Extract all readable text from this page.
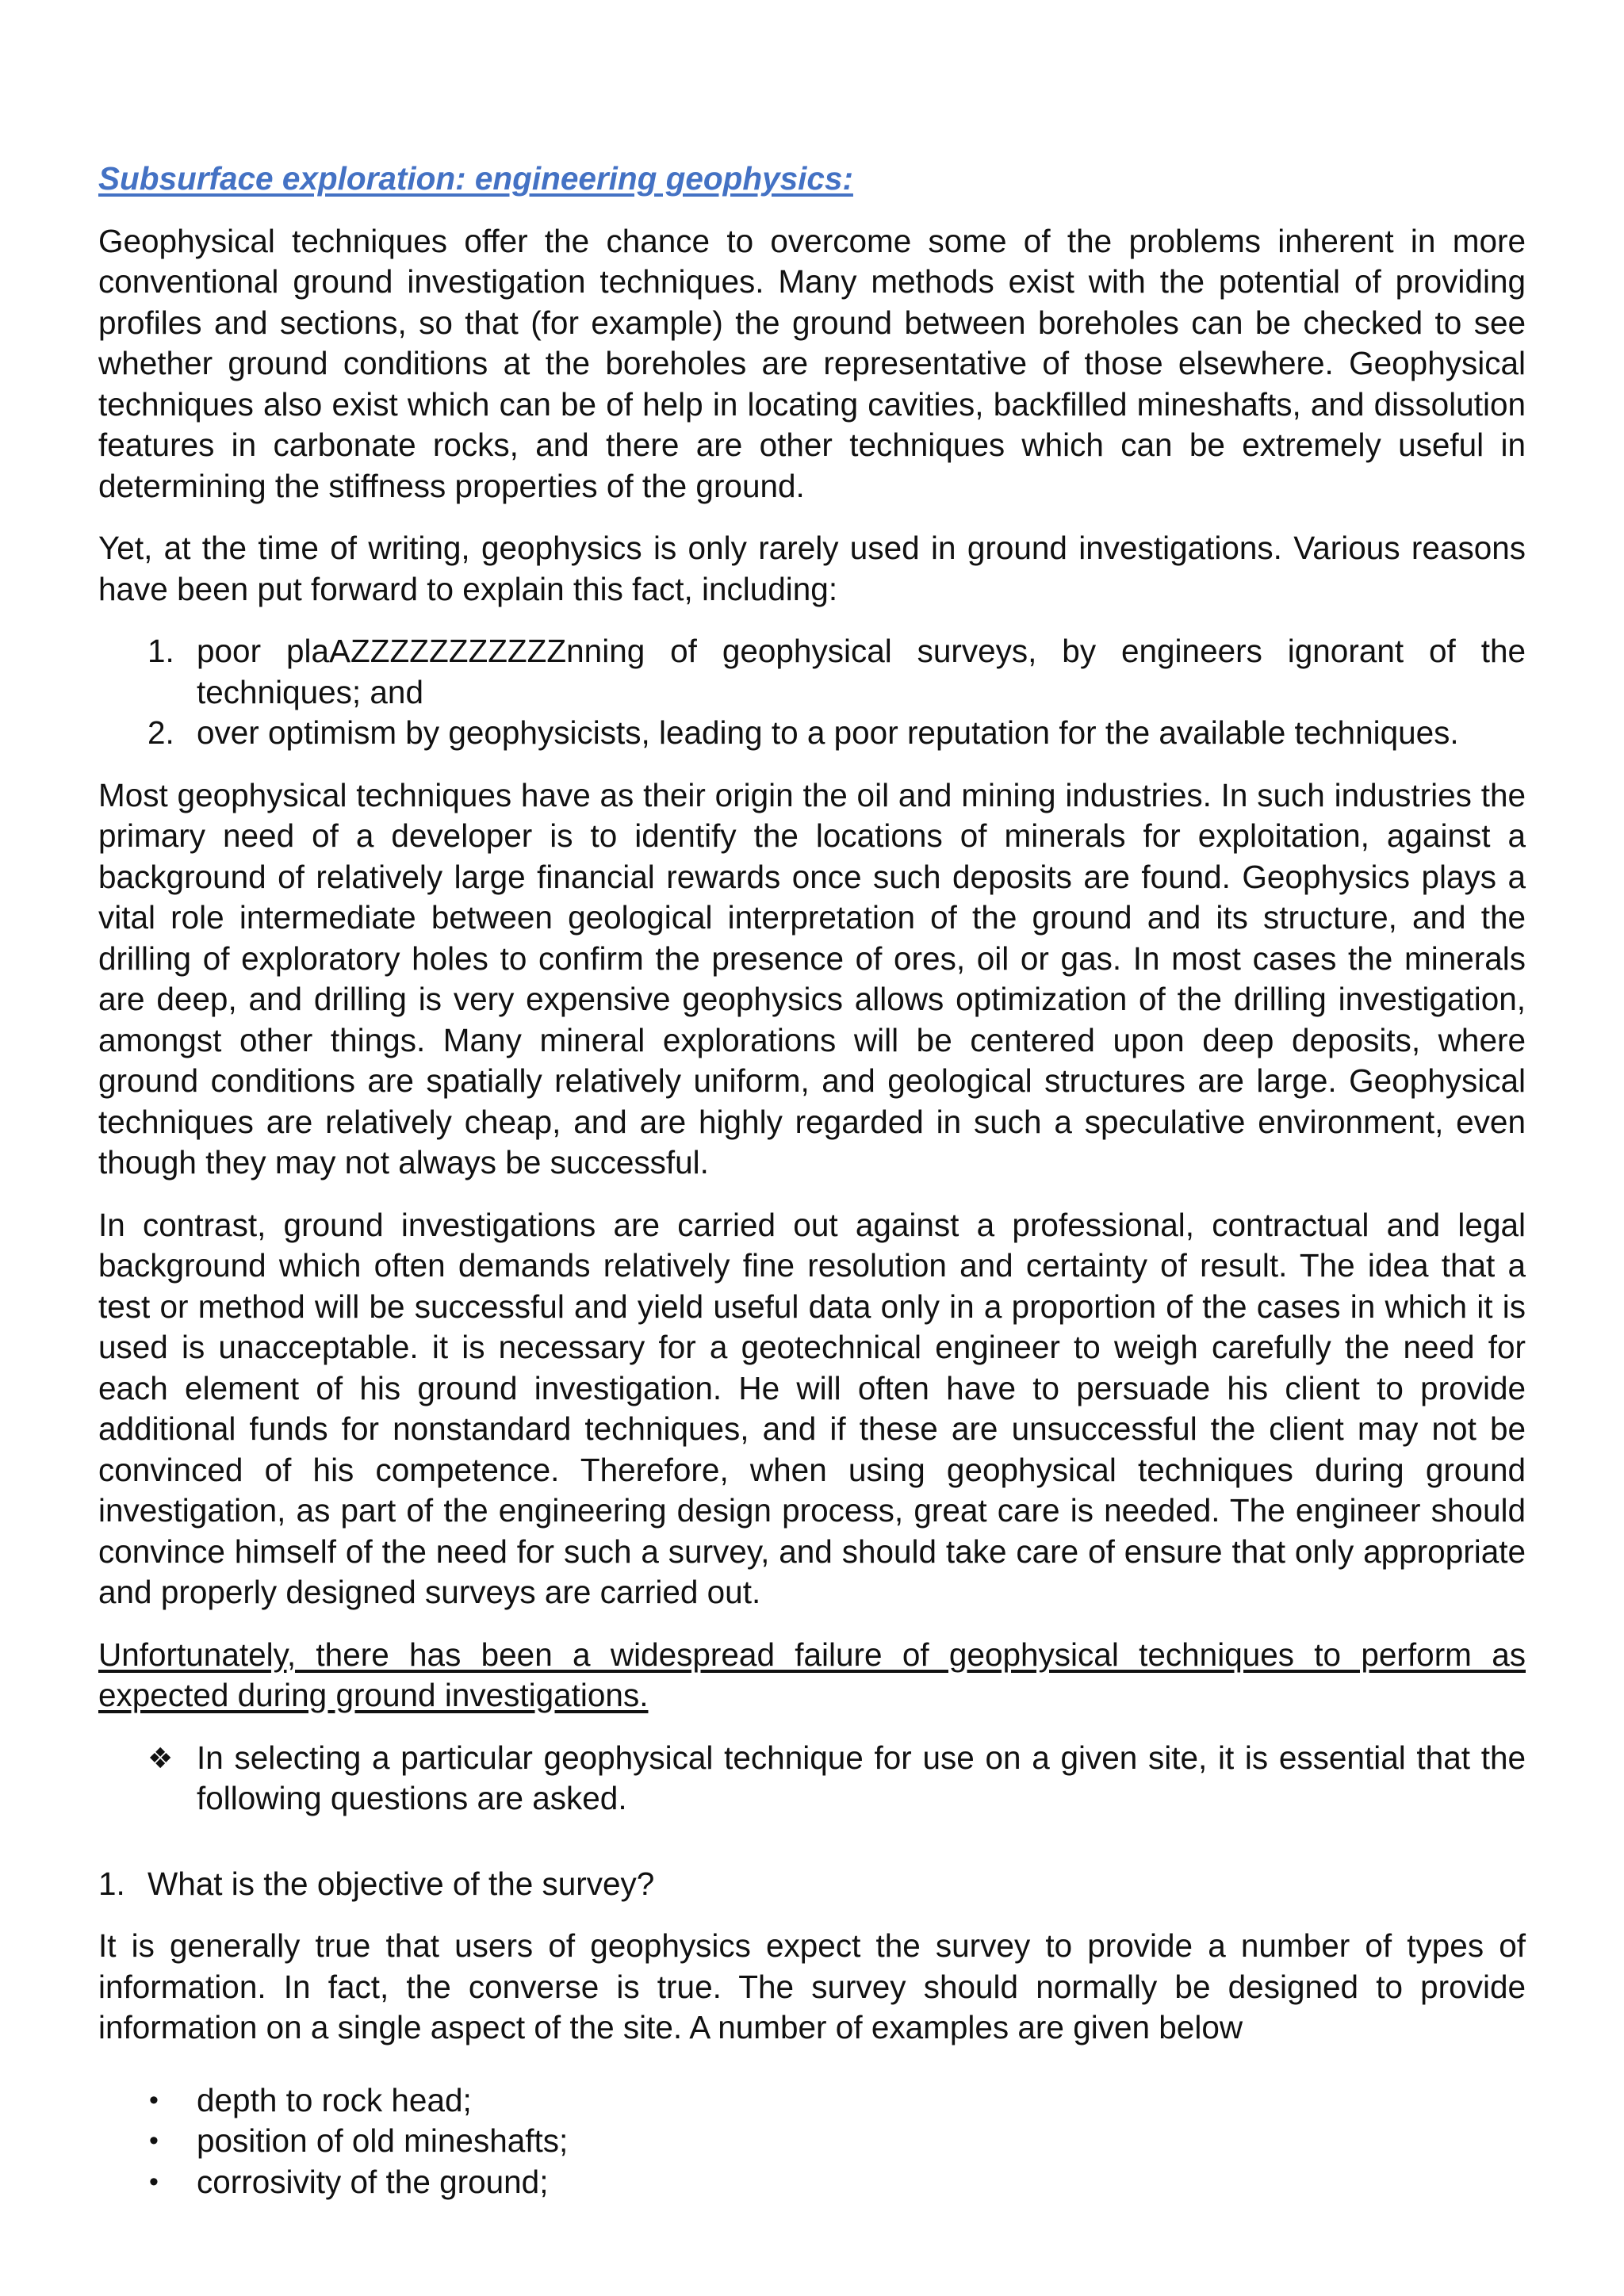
Subsurface exploration: engineering geophysics:

Geophysical techniques offer the chance to overcome some of the problems inherent in more conventional ground investigation techniques. Many methods exist with the potential of providing profiles and sections, so that (for example) the ground between boreholes can be checked to see whether ground conditions at the boreholes are representative of those elsewhere. Geophysical techniques also exist which can be of help in locating cavities, backfilled mineshafts, and dissolution features in carbonate rocks, and there are other techniques which can be extremely useful in determining the stiffness properties of the ground.

Yet, at the time of writing, geophysics is only rarely used in ground investigations. Various reasons have been put forward to explain this fact, including:

1. poor plaAZZZZZZZZZZZnning of geophysical surveys, by engineers ignorant of the techniques; and
2. over optimism by geophysicists, leading to a poor reputation for the available techniques.

Most geophysical techniques have as their origin the oil and mining industries. In such industries the primary need of a developer is to identify the locations of minerals for exploitation, against a background of relatively large financial rewards once such deposits are found. Geophysics plays a vital role intermediate between geological interpretation of the ground and its structure, and the drilling of exploratory holes to confirm the presence of ores, oil or gas. In most cases the minerals are deep, and drilling is very expensive geophysics allows optimization of the drilling investigation, amongst other things. Many mineral explorations will be centered upon deep deposits, where ground conditions are spatially relatively uniform, and geological structures are large. Geophysical techniques are relatively cheap, and are highly regarded in such a speculative environment, even though they may not always be successful.

In contrast, ground investigations are carried out against a professional, contractual and legal background which often demands relatively fine resolution and certainty of result. The idea that a test or method will be successful and yield useful data only in a proportion of the cases in which it is used is unacceptable. it is necessary for a geotechnical engineer to weigh carefully the need for each element of his ground investigation. He will often have to persuade his client to provide additional funds for nonstandard techniques, and if these are unsuccessful the client may not be convinced of his competence. Therefore, when using geophysical techniques during ground investigation, as part of the engineering design process, great care is needed. The engineer should convince himself of the need for such a survey, and should take care of ensure that only appropriate and properly designed surveys are carried out.

Unfortunately, there has been a widespread failure of geophysical techniques to perform as expected during ground investigations.

❖ In selecting a particular geophysical technique for use on a given site, it is essential that the following questions are asked.
1. What is the objective of the survey?

It is generally true that users of geophysics expect the survey to provide a number of types of information. In fact, the converse is true. The survey should normally be designed to provide information on a single aspect of the site. A number of examples are given below

• depth to rock head;
• position of old mineshafts;
• corrosivity of the ground;
